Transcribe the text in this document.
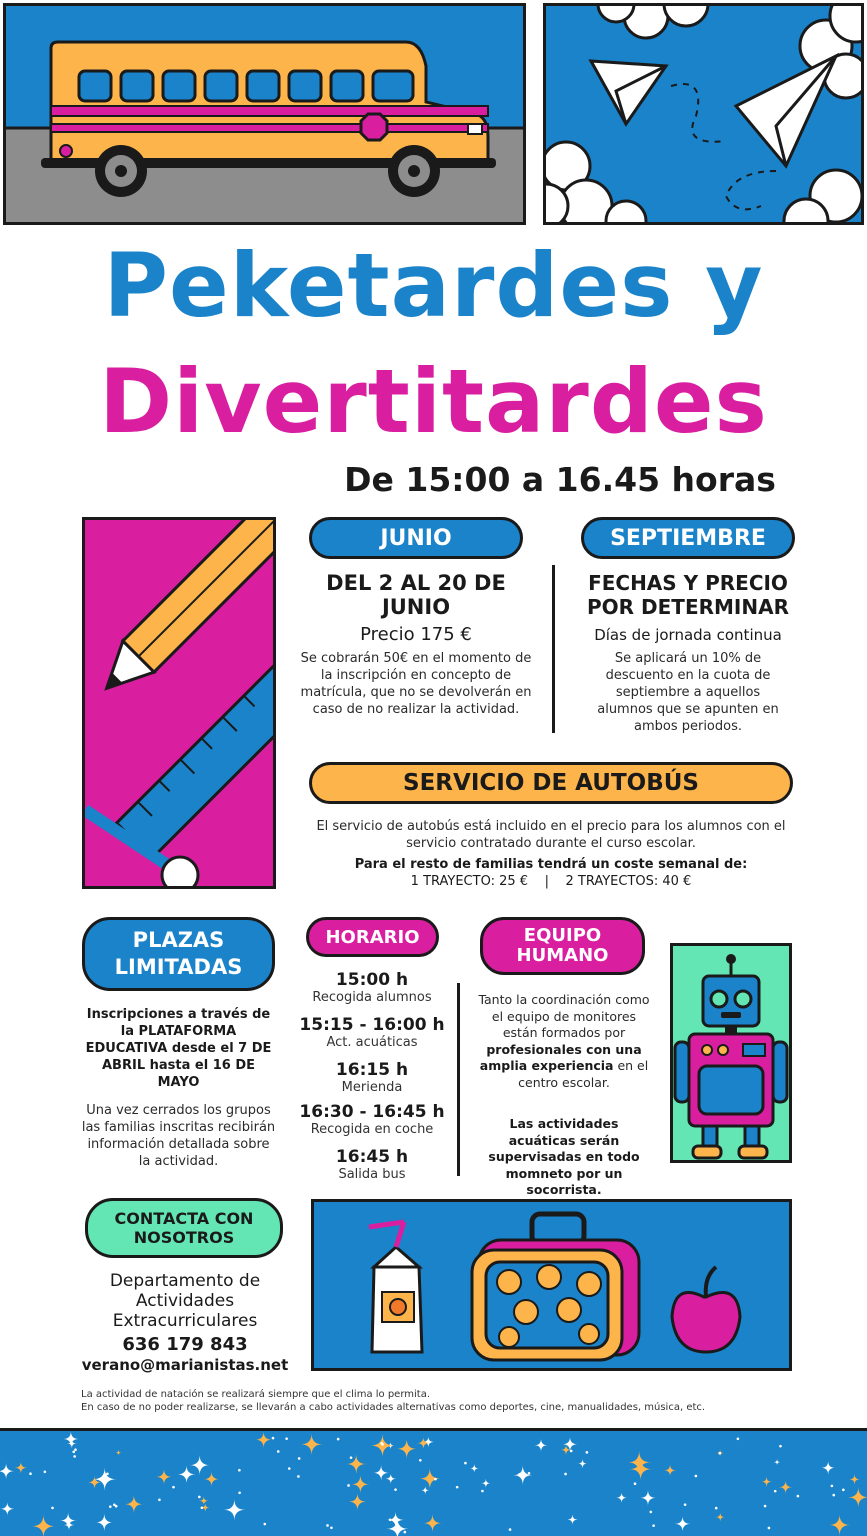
Peketardes y
Divertitardes
De 15:00 a 16.45 horas
JUNIO
DEL 2 AL 20 DE JUNIO
Precio 175 €
Se cobrarán 50€ en el momento de la inscripción en concepto de matrícula, que no se devolverán en caso de no realizar la actividad.
SEPTIEMBRE
FECHAS Y PRECIO POR DETERMINAR
Días de jornada continua
Se aplicará un 10% de descuento en la cuota de septiembre a aquellos alumnos que se apunten en ambos periodos.
SERVICIO DE AUTOBÚS
El servicio de autobús está incluido en el precio para los alumnos con el servicio contratado durante el curso escolar.
Para el resto de familias tendrá un coste semanal de:
1 TRAYECTO: 25 €    |    2 TRAYECTOS: 40 €
PLAZAS LIMITADAS
Inscripciones a través de la PLATAFORMA EDUCATIVA desde el 7 DE ABRIL hasta el 16 DE MAYO
Una vez cerrados los grupos las familias inscritas recibirán información detallada sobre la actividad.
HORARIO
15:00 h
Recogida alumnos
15:15 - 16:00 h
Act. acuáticas
16:15 h
Merienda
16:30 - 16:45 h
Recogida en coche
16:45 h
Salida bus
EQUIPO HUMANO
Tanto la coordinación como el equipo de monitores están formados por profesionales con una amplia experiencia en el centro escolar.
Las actividades acuáticas serán supervisadas en todo momneto por un socorrista.
CONTACTA CON NOSOTROS
Departamento de Actividades Extracurriculares
636 179 843
verano@marianistas.net
La actividad de natación se realizará siempre que el clima lo permita.
En caso de no poder realizarse, se llevarán a cabo actividades alternativas como deportes, cine, manualidades, música, etc.
